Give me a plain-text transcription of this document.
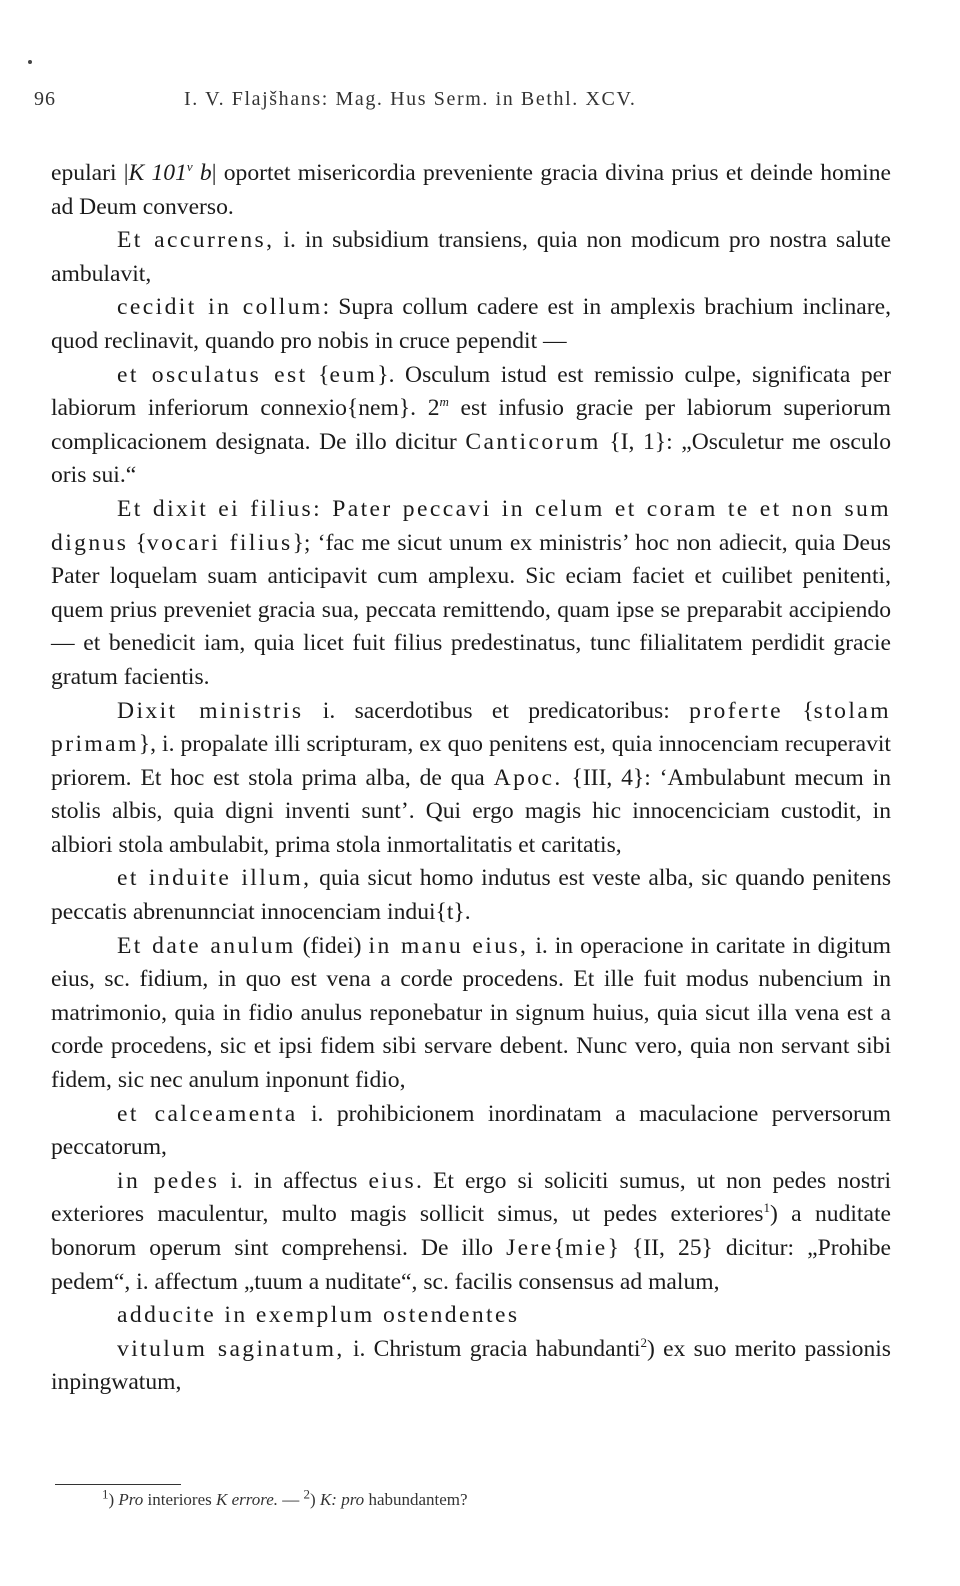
96	I. V. Flajšhans: Mag. Hus Serm. in Bethl. XCV.

epulari |K 101$^v$ b| oportet misericordia preveniente gracia divina prius et deinde homine ad Deum converso.

Et accurrens, i. in subsidium transiens, quia non modicum pro nostra salute ambulavit,

cecidit in collum: Supra collum cadere est in amplexis brachium inclinare, quod reclinavit, quando pro nobis in cruce pependit —

et osculatus est {eum}. Osculum istud est remissio culpe, significata per labiorum inferiorum connexio{nem}. 2$^m$ est infusio gracie per labiorum superiorum complicacionem designata. De illo dicitur Canticorum {I, 1}: „Osculetur me osculo oris sui.“

Et dixit ei filius: Pater peccavi in celum et coram te et non sum dignus {vocari filius}; ‘fac me sicut unum ex ministris’ hoc non adiecit, quia Deus Pater loquelam suam anticipavit cum amplexu. Sic eciam faciet et cuilibet penitenti, quem prius preveniet gracia sua, peccata remittendo, quam ipse se preparabit accipiendo — et benedicit iam, quia licet fuit filius predestinatus, tunc filialitatem perdidit gracie gratum facientis.

Dixit ministris i. sacerdotibus et predicatoribus: proferte {stolam primam}, i. propalate illi scripturam, ex quo penitens est, quia innocenciam recuperavit priorem. Et hoc est stola prima alba, de qua Apoc. {III, 4}: ‘Ambulabunt mecum in stolis albis, quia digni inventi sunt’. Qui ergo magis hic innocenciciam custodit, in albiori stola ambulabit, prima stola inmortalitatis et caritatis,

et induite illum, quia sicut homo indutus est veste alba, sic quando penitens peccatis abrenunnciat innocenciam indui{t}.

Et date anulum (fidei) in manu eius, i. in operacione in caritate in digitum eius, sc. fidium, in quo est vena a corde procedens. Et ille fuit modus nubencium in matrimonio, quia in fidio anulus reponebatur in signum huius, quia sicut illa vena est a corde procedens, sic et ipsi fidem sibi servare debent. Nunc vero, quia non servant sibi fidem, sic nec anulum inponunt fidio,

et calceamenta i. prohibicionem inordinatam a maculacione perversorum peccatorum,

in pedes i. in affectus eius. Et ergo si soliciti sumus, ut non pedes nostri exteriores maculentur, multo magis sollicit simus, ut pedes exteriores$^1$) a nuditate bonorum operum sint comprehensi. De illo Jere{mie} {II, 25} dicitur: „Prohibe pedem“, i. affectum „tuum a nuditate“, sc. facilis consensus ad malum,

adducite in exemplum ostendentes

vitulum saginatum, i. Christum gracia habundanti$^2$) ex suo merito passionis inpingwatum,

$^1$) Pro interiores K errore. — $^2$) K: pro habundantem?
